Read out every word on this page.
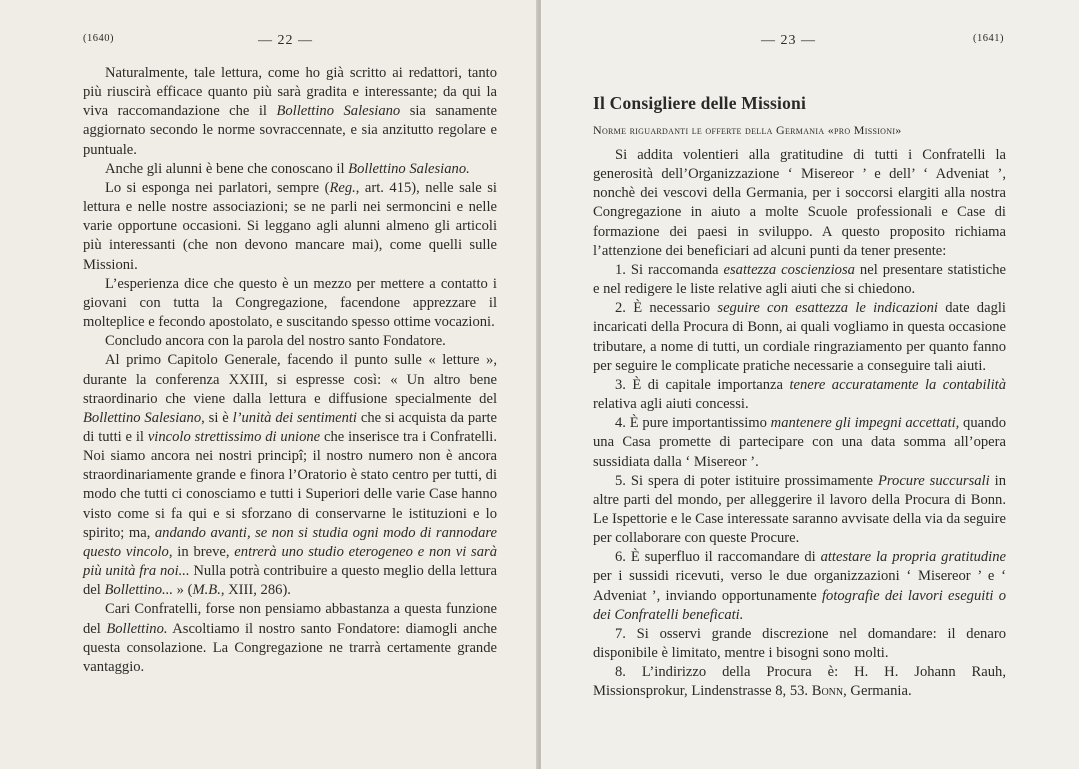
(1640)	— 22 —

Naturalmente, tale lettura, come ho già scritto ai redattori, tanto più riuscirà efficace quanto più sarà gradita e interessante; da qui la viva raccomandazione che il Bollettino Salesiano sia sanamente aggiornato secondo le norme sovraccennate, e sia anzitutto regolare e puntuale.

Anche gli alunni è bene che conoscano il Bollettino Salesiano.

Lo si esponga nei parlatori, sempre (Reg., art. 415), nelle sale si lettura e nelle nostre associazioni; se ne parli nei sermoncini e nelle varie opportune occasioni. Si leggano agli alunni almeno gli articoli più interessanti (che non devono mancare mai), come quelli sulle Missioni.

L’esperienza dice che questo è un mezzo per mettere a contatto i giovani con tutta la Congregazione, facendone apprezzare il molteplice e fecondo apostolato, e suscitando spesso ottime vocazioni.

Concludo ancora con la parola del nostro santo Fondatore.

Al primo Capitolo Generale, facendo il punto sulle « letture », durante la conferenza XXIII, si espresse così: « Un altro bene straordinario che viene dalla lettura e diffusione specialmente del Bollettino Salesiano, si è l’unità dei sentimenti che si acquista da parte di tutti e il vincolo strettissimo di unione che inserisce tra i Confratelli. Noi siamo ancora nei nostri principî; il nostro numero non è ancora straordinariamente grande e finora l’Oratorio è stato centro per tutti, di modo che tutti ci conosciamo e tutti i Superiori delle varie Case hanno visto come si fa qui e si sforzano di conservarne le istituzioni e lo spirito; ma, andando avanti, se non si studia ogni modo di rannodare questo vincolo, in breve, entrerà uno studio eterogeneo e non vi sarà più unità fra noi... Nulla potrà contribuire a questo meglio della lettura del Bollettino... » (M.B., XIII, 286).

Cari Confratelli, forse non pensiamo abbastanza a questa funzione del Bollettino. Ascoltiamo il nostro santo Fondatore: diamogli anche questa consolazione. La Congregazione ne trarrà certamente grande vantaggio.

— 23 —	(1641)
Il Consigliere delle Missioni
Norme riguardanti le offerte della Germania «pro Missioni»

Si addita volentieri alla gratitudine di tutti i Confratelli la generosità dell’Organizzazione ‘ Misereor ’ e dell’ ‘ Adveniat ’, nonchè dei vescovi della Germania, per i soccorsi elargiti alla nostra Congregazione in aiuto a molte Scuole professionali e Case di formazione dei paesi in sviluppo. A questo proposito richiama l’attenzione dei beneficiari ad alcuni punti da tener presente:

1. Si raccomanda esattezza coscienziosa nel presentare statistiche e nel redigere le liste relative agli aiuti che si chiedono.

2. È necessario seguire con esattezza le indicazioni date dagli incaricati della Procura di Bonn, ai quali vogliamo in questa occasione tributare, a nome di tutti, un cordiale ringraziamento per quanto fanno per seguire le complicate pratiche necessarie a conseguire tali aiuti.

3. È di capitale importanza tenere accuratamente la contabilità relativa agli aiuti concessi.

4. È pure importantissimo mantenere gli impegni accettati, quando una Casa promette di partecipare con una data somma all’opera sussidiata dalla ‘ Misereor ’.

5. Si spera di poter istituire prossimamente Procure succursali in altre parti del mondo, per alleggerire il lavoro della Procura di Bonn. Le Ispettorie e le Case interessate saranno avvisate della via da seguire per collaborare con queste Procure.

6. È superfluo il raccomandare di attestare la propria gratitudine per i sussidi ricevuti, verso le due organizzazioni ‘ Misereor ’ e ‘ Adveniat ’, inviando opportunamente fotografie dei lavori eseguiti o dei Confratelli beneficati.

7. Si osservi grande discrezione nel domandare: il denaro disponibile è limitato, mentre i bisogni sono molti.

8. L’indirizzo della Procura è: H. H. Johann Rauh, Missionsprokur, Lindenstrasse 8, 53. Bonn, Germania.
